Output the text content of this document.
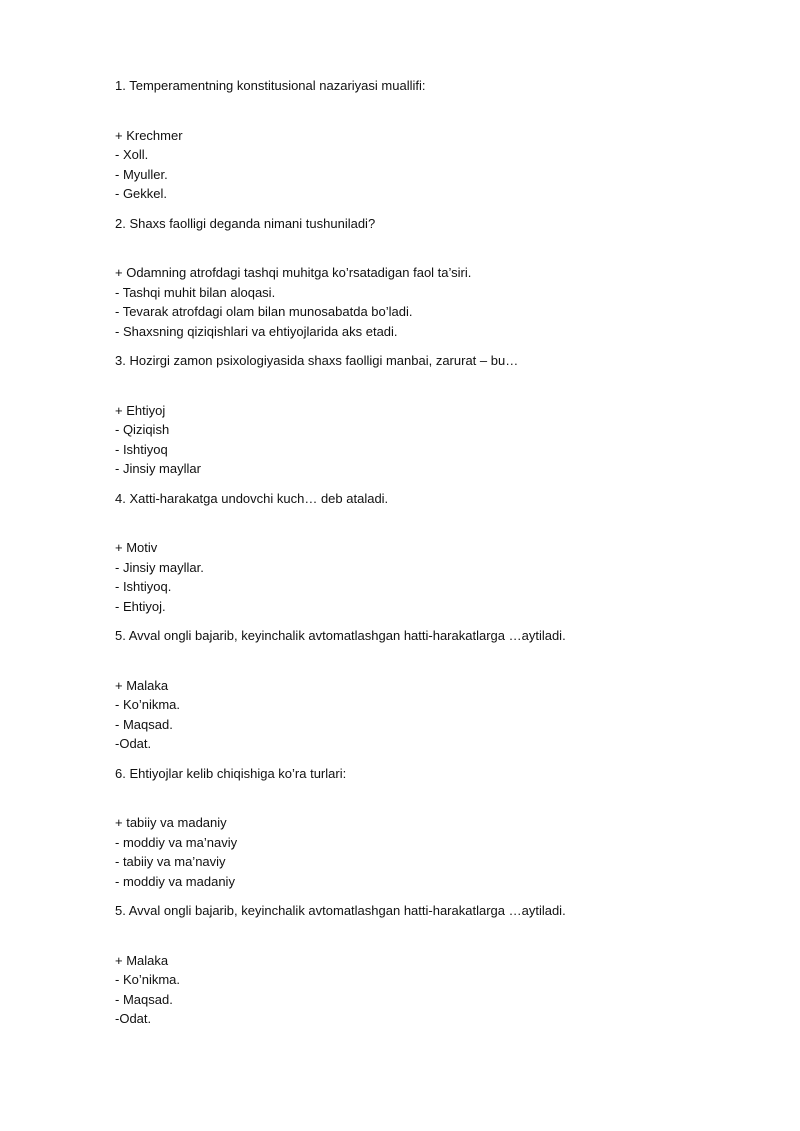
1. Temperamentning konstitusional nazariyasi muallifi:

+ Krechmer
- Xoll.
- Myuller.
- Gekkel.

2. Shaxs faolligi deganda nimani tushuniladi?

+ Odamning atrofdagi tashqi muhitga ko’rsatadigan faol ta’siri.
- Tashqi muhit bilan aloqasi.
- Tevarak atrofdagi olam bilan munosabatda bo’ladi.
- Shaxsning qiziqishlari va ehtiyojlarida aks etadi.

3. Hozirgi zamon psixologiyasida shaxs faolligi manbai, zarurat – bu…

+ Ehtiyoj
- Qiziqish
- Ishtiyoq
- Jinsiy mayllar

4. Xatti-harakatga undovchi kuch… deb ataladi.

+ Motiv
- Jinsiy mayllar.
- Ishtiyoq.
- Ehtiyoj.

5. Avval ongli bajarib, keyinchalik avtomatlashgan hatti-harakatlarga …aytiladi.

+ Malaka
- Ko’nikma.
- Maqsad.
-Odat.

6. Ehtiyojlar kelib chiqishiga ko’ra turlari:

+ tabiiy va madaniy
- moddiy va ma’naviy
- tabiiy va ma’naviy
- moddiy va madaniy

5. Avval ongli bajarib, keyinchalik avtomatlashgan hatti-harakatlarga …aytiladi.

+ Malaka
- Ko’nikma.
- Maqsad.
-Odat.
